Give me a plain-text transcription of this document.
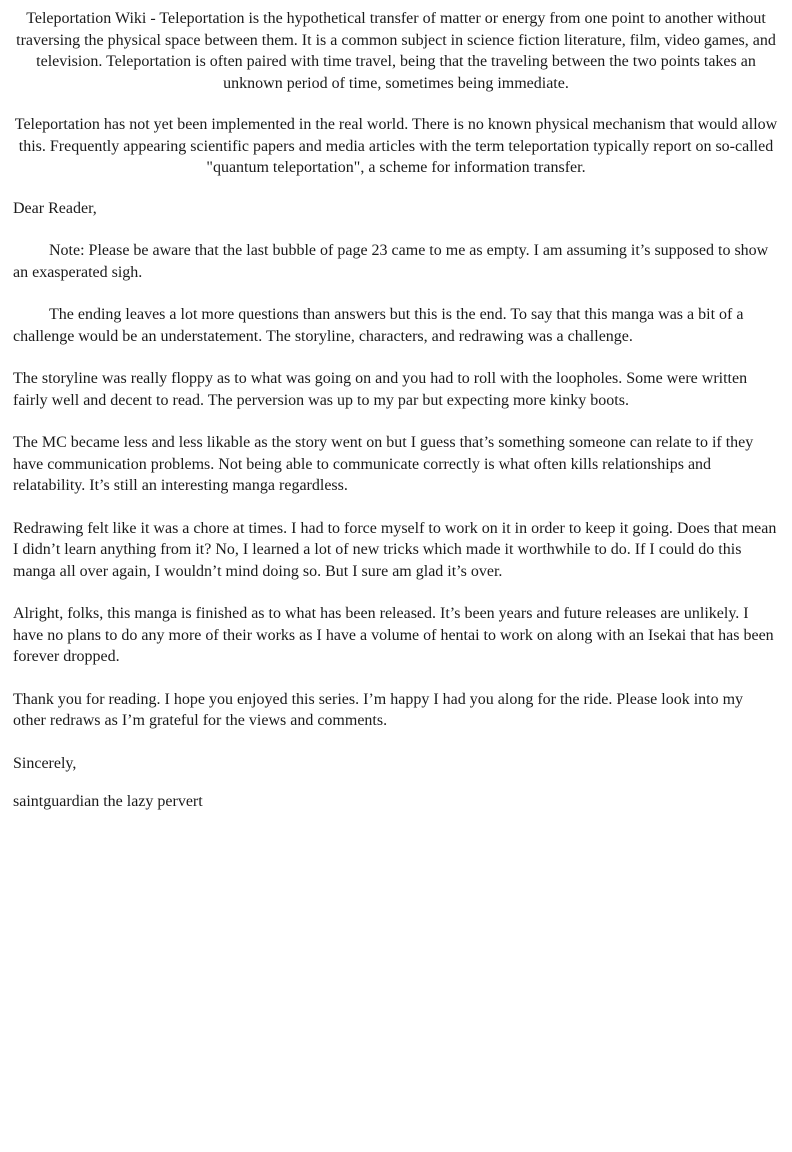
Teleportation Wiki - Teleportation is the hypothetical transfer of matter or energy from one point to another without traversing the physical space between them. It is a common subject in science fiction literature, film, video games, and television. Teleportation is often paired with time travel, being that the traveling between the two points takes an unknown period of time, sometimes being immediate.

Teleportation has not yet been implemented in the real world. There is no known physical mechanism that would allow this. Frequently appearing scientific papers and media articles with the term teleportation typically report on so-called "quantum teleportation", a scheme for information transfer.

Dear Reader,

Note: Please be aware that the last bubble of page 23 came to me as empty. I am assuming it’s supposed to show an exasperated sigh.

The ending leaves a lot more questions than answers but this is the end. To say that this manga was a bit of a challenge would be an understatement. The storyline, characters, and redrawing was a challenge.

The storyline was really floppy as to what was going on and you had to roll with the loopholes. Some were written fairly well and decent to read. The perversion was up to my par but expecting more kinky boots.

The MC became less and less likable as the story went on but I guess that’s something someone can relate to if they have communication problems. Not being able to communicate correctly is what often kills relationships and relatability. It’s still an interesting manga regardless.

Redrawing felt like it was a chore at times. I had to force myself to work on it in order to keep it going. Does that mean I didn’t learn anything from it? No, I learned a lot of new tricks which made it worthwhile to do. If I could do this manga all over again, I wouldn’t mind doing so. But I sure am glad it’s over.

Alright, folks, this manga is finished as to what has been released. It’s been years and future releases are unlikely. I have no plans to do any more of their works as I have a volume of hentai to work on along with an Isekai that has been forever dropped.

Thank you for reading. I hope you enjoyed this series. I’m happy I had you along for the ride. Please look into my other redraws as I’m grateful for the views and comments.

Sincerely,

saintguardian the lazy pervert
